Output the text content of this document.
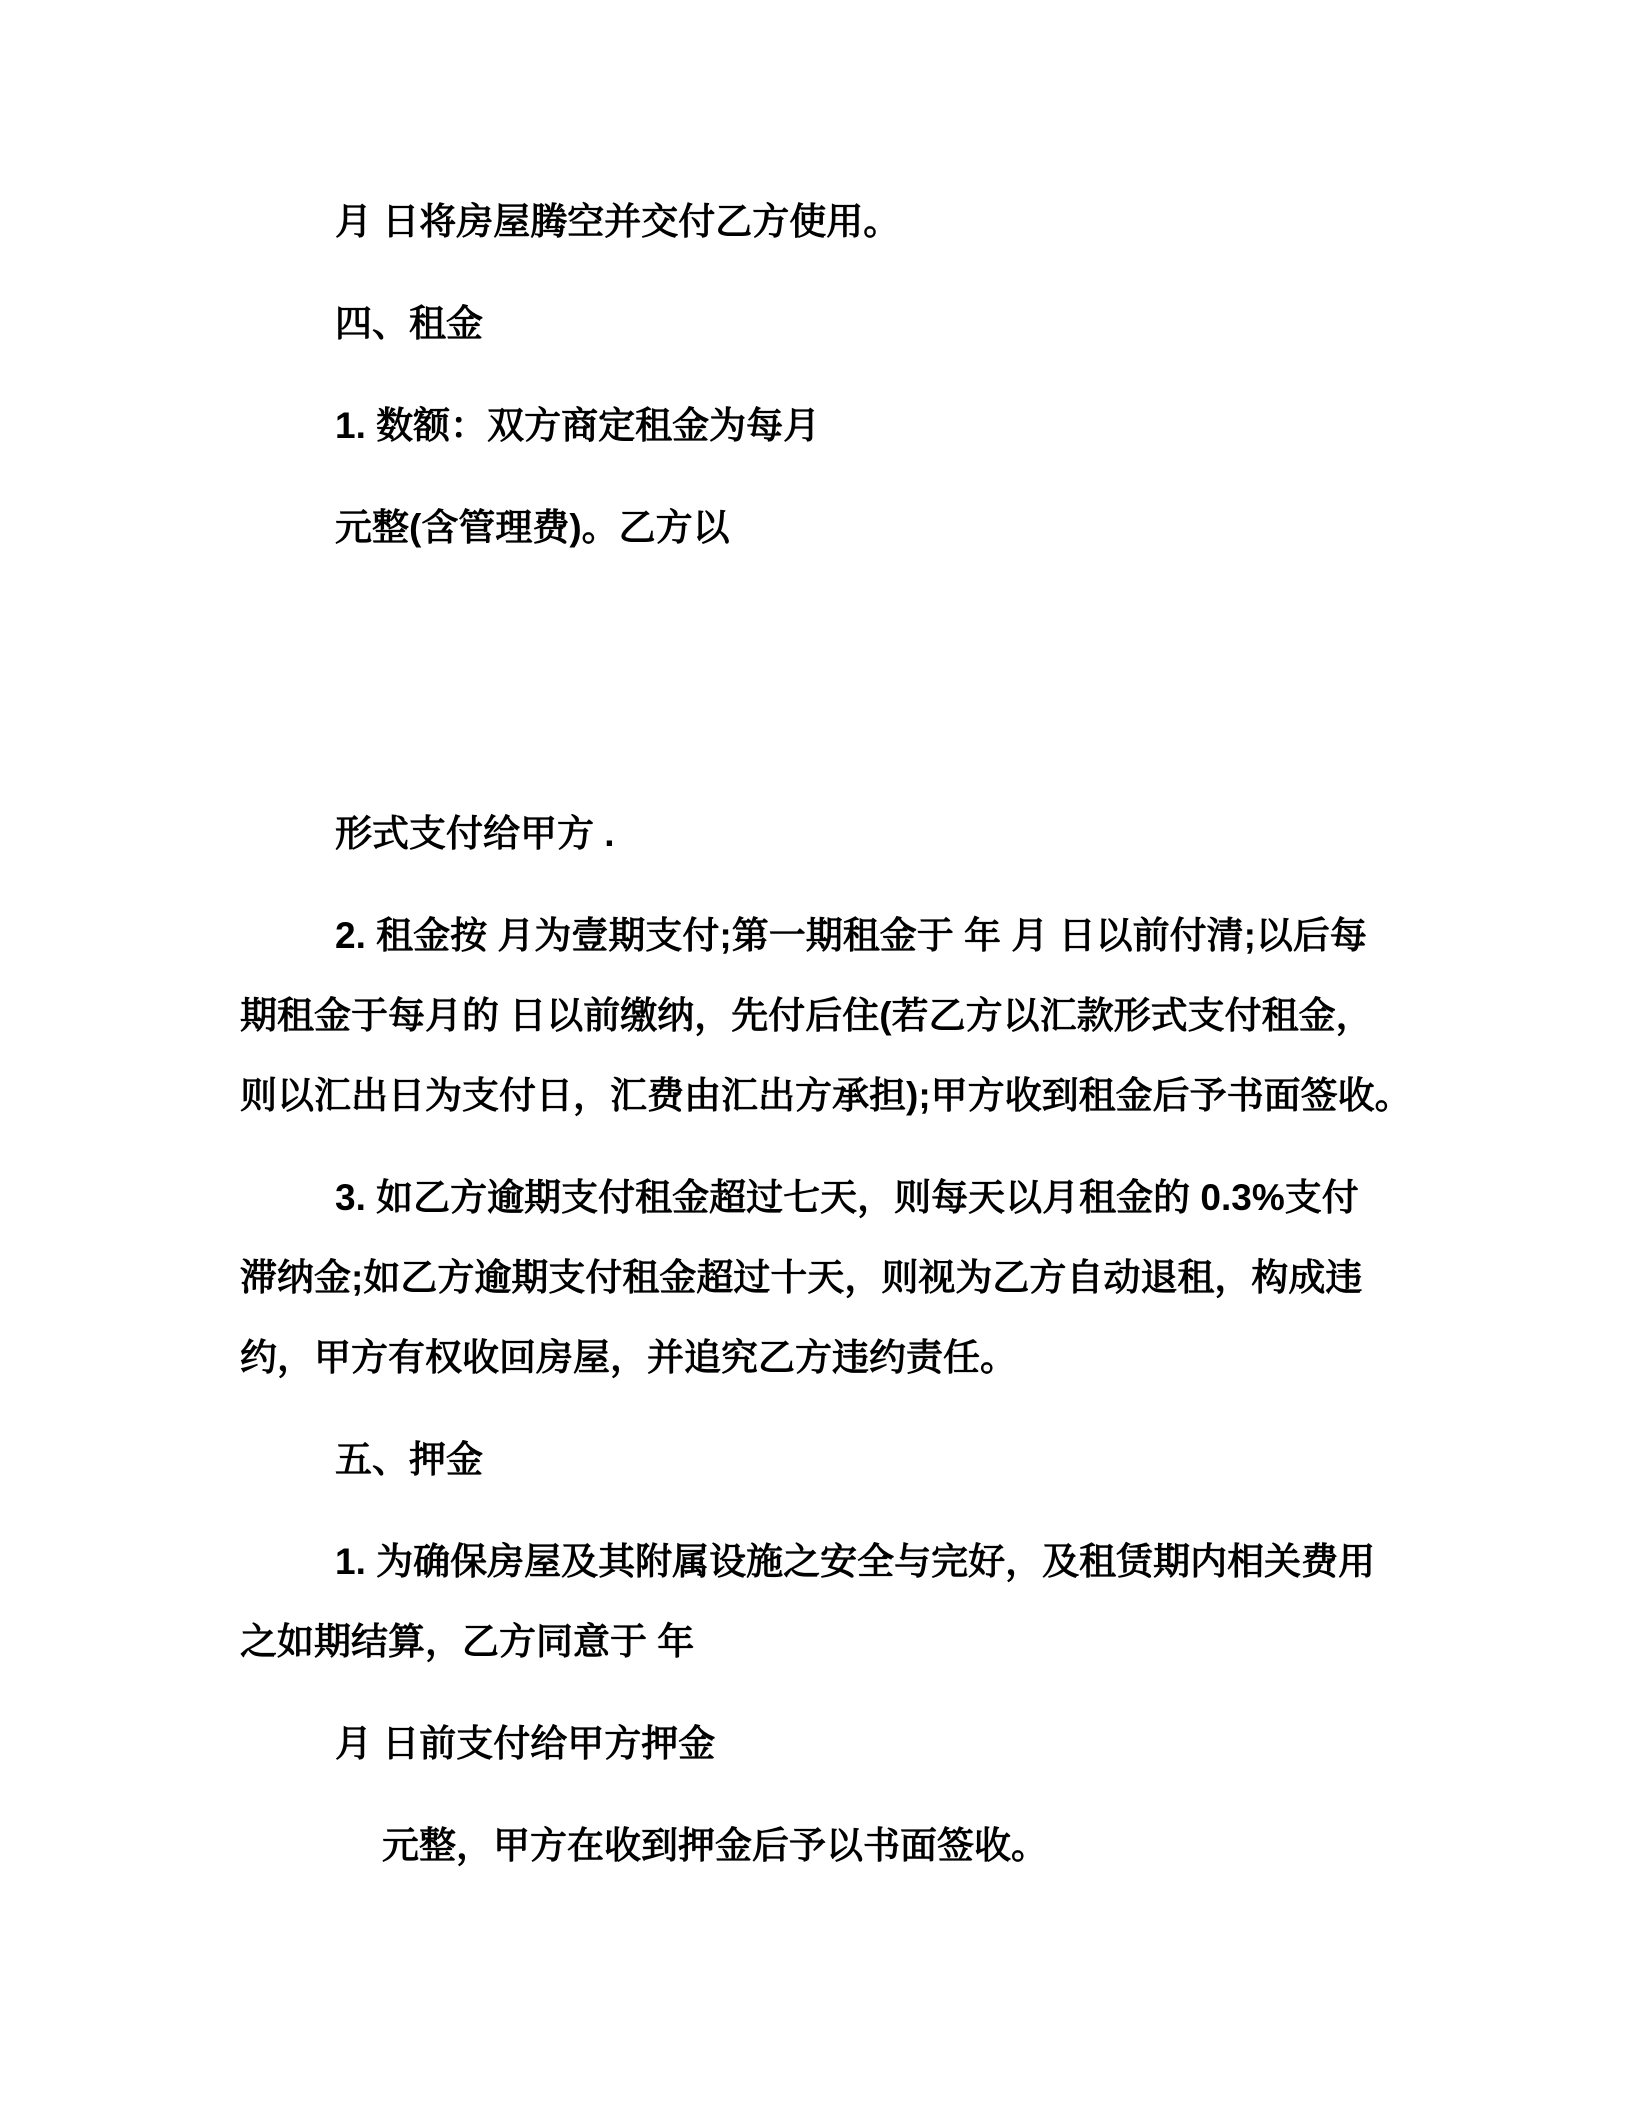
月 日将房屋腾空并交付乙方使用。

四、租金

1. 数额：双方商定租金为每月

元整(含管理费)。乙方以

形式支付给甲方 .

2. 租金按 月为壹期支付;第一期租金于 年 月 日以前付清;以后每
期租金于每月的 日以前缴纳，先付后住(若乙方以汇款形式支付租金，
则以汇出日为支付日，汇费由汇出方承担);甲方收到租金后予书面签收。

3. 如乙方逾期支付租金超过七天，则每天以月租金的 0.3%支付
滞纳金;如乙方逾期支付租金超过十天，则视为乙方自动退租，构成违
约，甲方有权收回房屋，并追究乙方违约责任。

五、押金

1. 为确保房屋及其附属设施之安全与完好，及租赁期内相关费用
之如期结算，乙方同意于 年

月 日前支付给甲方押金

元整，甲方在收到押金后予以书面签收。
